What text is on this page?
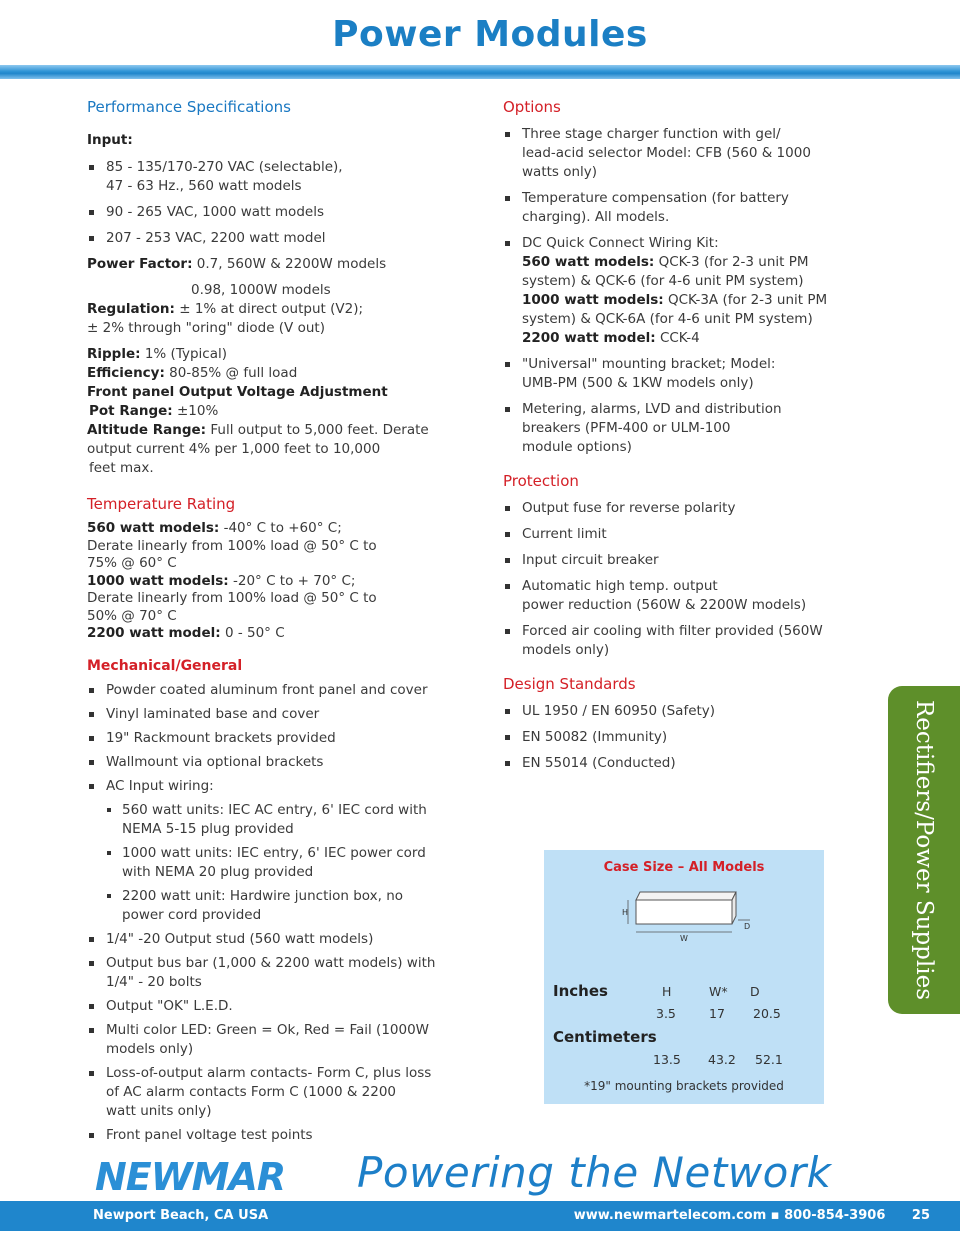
Power Modules
Performance Specifications

Input:

85 - 135/170-270 VAC (selectable),
47 - 63 Hz., 560 watt models
90 - 265 VAC, 1000 watt models
207 - 253 VAC, 2200 watt model

Power Factor: 0.7, 560W & 2200W models

0.98, 1000W models

Regulation: ± 1% at direct output (V2);

± 2% through "oring" diode (V out)

Ripple: 1% (Typical)

Efficiency: 80-85% @ full load

Front panel Output Voltage Adjustment

Pot Range: ±10%

Altitude Range: Full output to 5,000 feet. Derate

output current 4% per 1,000 feet to 10,000

feet max.

Temperature Rating

560 watt models: -40° C to +60° C;

Derate linearly from 100% load @ 50° C to

75% @ 60° C

1000 watt models: -20° C to + 70° C;

Derate linearly from 100% load @ 50° C to

50% @ 70° C

2200 watt model: 0 - 50° C

Mechanical/General
Powder coated aluminum front panel and cover
Vinyl laminated base and cover
19" Rackmount brackets provided
Wallmount via optional brackets
AC Input wiring:
560 watt units: IEC AC entry, 6' IEC cord with
NEMA 5-15 plug provided
1000 watt units: IEC entry, 6' IEC power cord
with NEMA 20 plug provided
2200 watt unit: Hardwire junction box, no
power cord provided
1/4" -20 Output stud (560 watt models)
Output bus bar (1,000 & 2200 watt models) with
1/4" - 20 bolts
Output "OK" L.E.D.
Multi color LED: Green = Ok, Red = Fail (1000W
models only)
Loss-of-output alarm contacts- Form C, plus loss
of AC alarm contacts Form C (1000 & 2200
watt units only)
Front panel voltage test points
Options
Three stage charger function with gel/
lead-acid selector Model: CFB (560 & 1000
watts only)
Temperature compensation (for battery
charging). All models.
DC Quick Connect Wiring Kit:
560 watt models: QCK-3 (for 2-3 unit PM
system) & QCK-6 (for 4-6 unit PM system)
1000 watt models: QCK-3A (for 2-3 unit PM
system) & QCK-6A (for 4-6 unit PM system)
2200 watt model: CCK-4
"Universal" mounting bracket; Model:
UMB-PM (500 & 1KW models only)
Metering, alarms, LVD and distribution
breakers (PFM-400 or ULM-100
module options)
Protection
Output fuse for reverse polarity
Current limit
Input circuit breaker
Automatic high temp. output
power reduction (560W & 2200W models)
Forced air cooling with filter provided (560W
models only)
Design Standards
UL 1950 / EN 60950 (Safety)
EN 50082 (Immunity)
EN 55014 (Conducted)	Rectifiers/Power Supplies
Case Size – All Models
H
W
D
Inches	H	W* D
3.5	17 20.5
Centimeters
13.5 43.2 52.1
*19" mounting brackets provided
NEWMAR Powering the Network
Newport Beach, CA USA	www.newmartelecom.com ▪ 800-854-3906 25
